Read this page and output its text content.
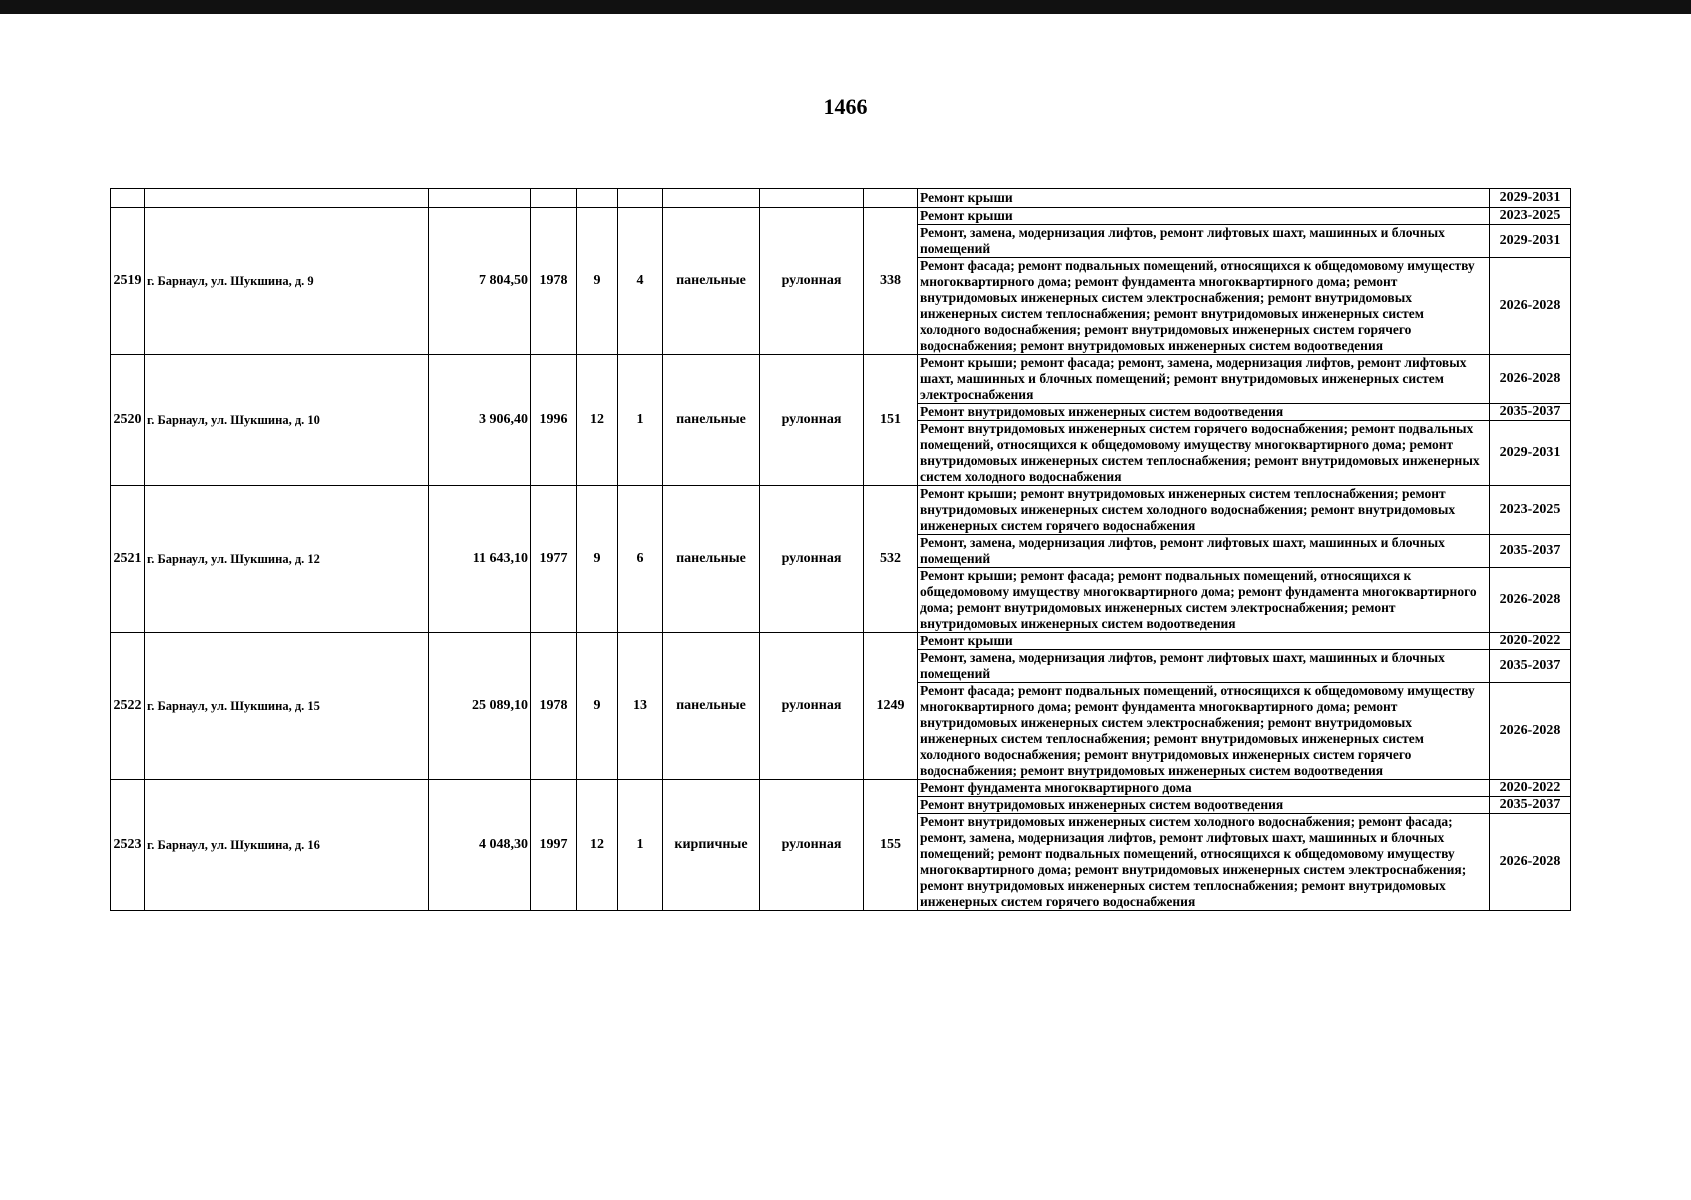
1466
									Ремонт крыши	2029-2031
2519	г. Барнаул, ул. Шукшина, д. 9	7 804,50	1978	9	4	панельные	рулонная	338	Ремонт крыши	2023-2025
									Ремонт, замена, модернизация лифтов, ремонт лифтовых шахт, машинных и блочных помещений	2029-2031
									Ремонт фасада; ремонт подвальных помещений, относящихся к общедомовому имуществу многоквартирного дома; ремонт фундамента многоквартирного дома; ремонт внутридомовых инженерных систем электроснабжения; ремонт внутридомовых инженерных систем теплоснабжения; ремонт внутридомовых инженерных систем холодного водоснабжения; ремонт внутридомовых инженерных систем горячего водоснабжения; ремонт внутридомовых инженерных систем водоотведения	2026-2028
2520	г. Барнаул, ул. Шукшина, д. 10	3 906,40	1996	12	1	панельные	рулонная	151	Ремонт крыши; ремонт фасада; ремонт, замена, модернизация лифтов, ремонт лифтовых шахт, машинных и блочных помещений; ремонт внутридомовых инженерных систем электроснабжения	2026-2028
									Ремонт внутридомовых инженерных систем водоотведения	2035-2037
									Ремонт внутридомовых инженерных систем горячего водоснабжения; ремонт подвальных помещений, относящихся к общедомовому имуществу многоквартирного дома; ремонт внутридомовых инженерных систем теплоснабжения; ремонт внутридомовых инженерных систем холодного водоснабжения	2029-2031
2521	г. Барнаул, ул. Шукшина, д. 12	11 643,10	1977	9	6	панельные	рулонная	532	Ремонт крыши; ремонт внутридомовых инженерных систем теплоснабжения; ремонт внутридомовых инженерных систем холодного водоснабжения; ремонт внутридомовых инженерных систем горячего водоснабжения	2023-2025
									Ремонт, замена, модернизация лифтов, ремонт лифтовых шахт, машинных и блочных помещений	2035-2037
									Ремонт крыши; ремонт фасада; ремонт подвальных помещений, относящихся к общедомовому имуществу многоквартирного дома; ремонт фундамента многоквартирного дома; ремонт внутридомовых инженерных систем электроснабжения; ремонт внутридомовых инженерных систем водоотведения	2026-2028
2522	г. Барнаул, ул. Шукшина, д. 15	25 089,10	1978	9	13	панельные	рулонная	1249	Ремонт крыши	2020-2022
									Ремонт, замена, модернизация лифтов, ремонт лифтовых шахт, машинных и блочных помещений	2035-2037
									Ремонт фасада; ремонт подвальных помещений, относящихся к общедомовому имуществу многоквартирного дома; ремонт фундамента многоквартирного дома; ремонт внутридомовых инженерных систем электроснабжения; ремонт внутридомовых инженерных систем теплоснабжения; ремонт внутридомовых инженерных систем холодного водоснабжения; ремонт внутридомовых инженерных систем горячего водоснабжения; ремонт внутридомовых инженерных систем водоотведения	2026-2028
2523	г. Барнаул, ул. Шукшина, д. 16	4 048,30	1997	12	1	кирпичные	рулонная	155	Ремонт фундамента многоквартирного дома	2020-2022
									Ремонт внутридомовых инженерных систем водоотведения	2035-2037
									Ремонт внутридомовых инженерных систем холодного водоснабжения; ремонт фасада; ремонт, замена, модернизация лифтов, ремонт лифтовых шахт, машинных и блочных помещений; ремонт подвальных помещений, относящихся к общедомовому имуществу многоквартирного дома; ремонт внутридомовых инженерных систем электроснабжения; ремонт внутридомовых инженерных систем теплоснабжения; ремонт внутридомовых инженерных систем горячего водоснабжения	2026-2028
